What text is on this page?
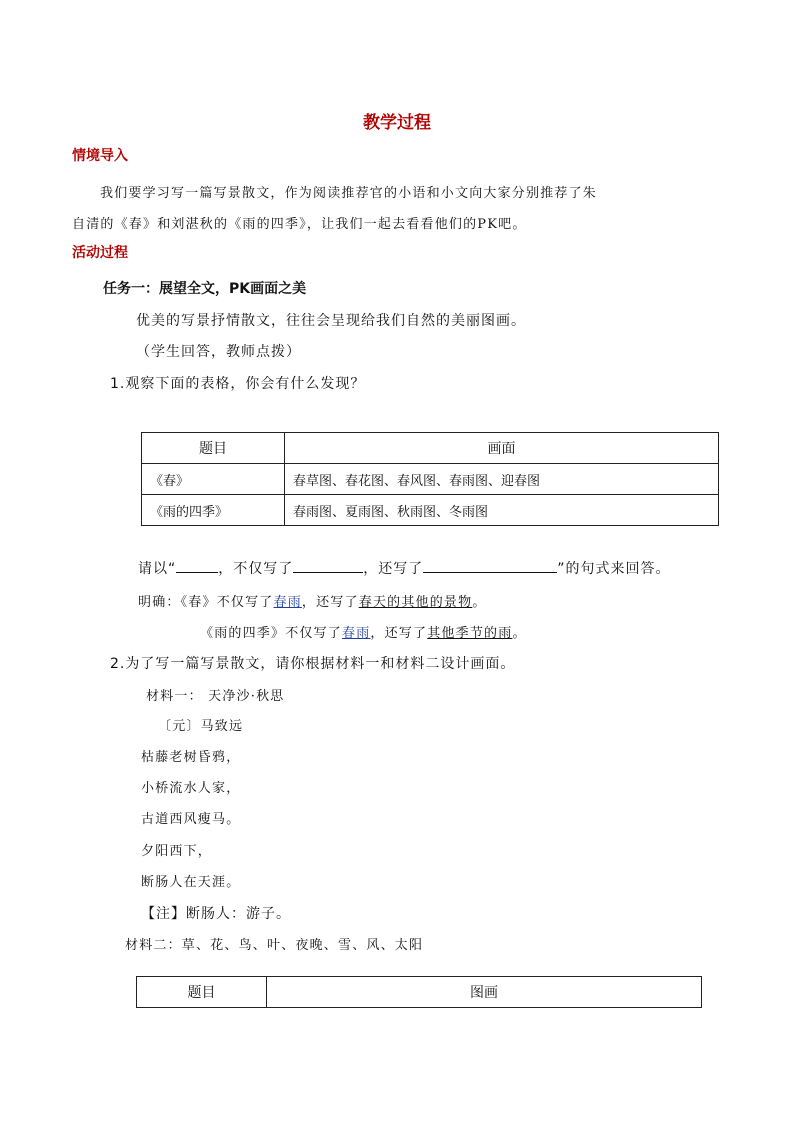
教学过程
情境导入
我们要学习写一篇写景散文，作为阅读推荐官的小语和小文向大家分别推荐了朱
自清的《春》和刘湛秋的《雨的四季》，让我们一起去看看他们的PK吧。
活动过程
任务一：展望全文，PK画面之美
优美的写景抒情散文，往往会呈现给我们自然的美丽图画。
（学生回答，教师点拨）
1.观察下面的表格，你会有什么发现？
题目	画面
《春》	春草图、春花图、春风图、春雨图、迎春图
《雨的四季》	春雨图、夏雨图、秋雨图、冬雨图
请以“	，不仅写了	，还写了	”的句式来回答。
明确：《春》不仅写了春雨，还写了春天的其他的景物。
《雨的四季》不仅写了春雨，还写了其他季节的雨。
2.为了写一篇写景散文，请你根据材料一和材料二设计画面。
材料一： 天净沙·秋思
〔元〕马致远
枯藤老树昏鸦，
小桥流水人家，
古道西风瘦马。
夕阳西下，
断肠人在天涯。
【注】断肠人：游子。
材料二：草、花、鸟、叶、夜晚、雪、风、太阳
题目	图画
